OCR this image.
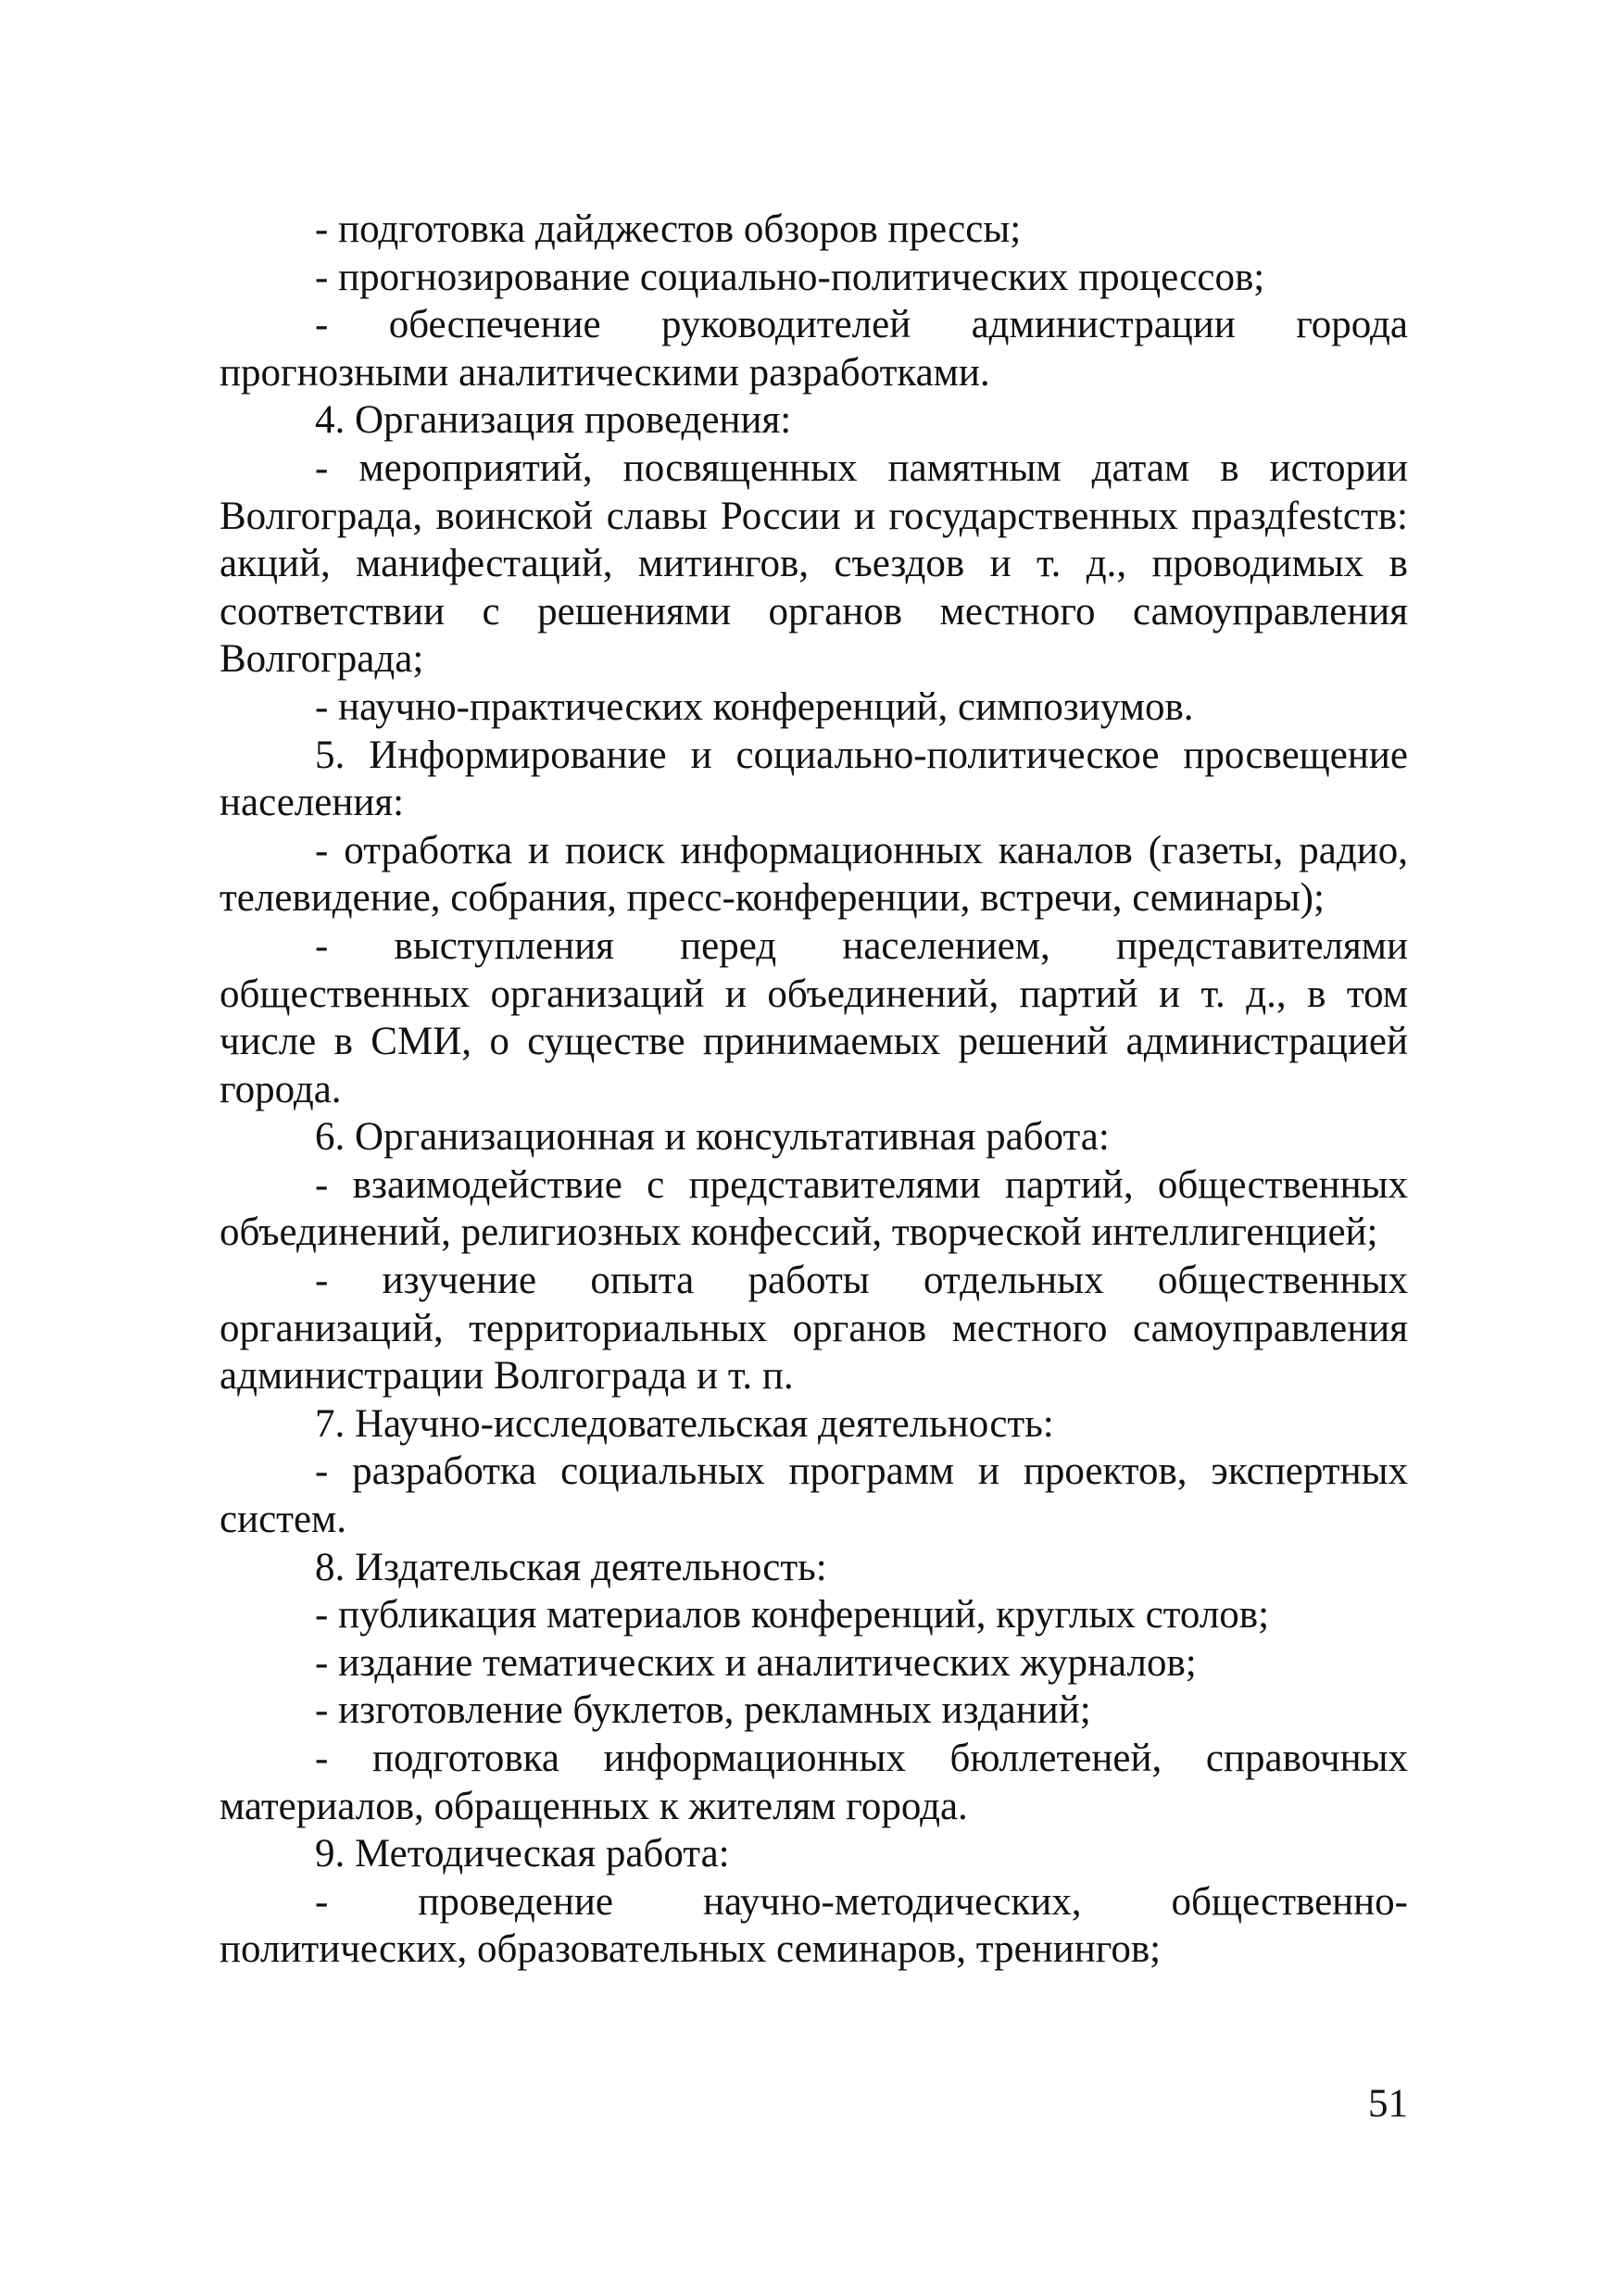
- подготовка дайджестов обзоров прессы;

- прогнозирование социально-политических процессов;

- обеспечение руководителей администрации города прогнозными аналитическими разработками.

4. Организация проведения:

- мероприятий, посвященных памятным датам в истории Волгограда, воинской славы России и государственных праздfestств: акций, манифестаций, митингов, съездов и т. д., проводимых в соответствии с решениями органов местного самоуправления Волгограда;

- научно-практических конференций, симпозиумов.

5. Информирование и социально-политическое просвещение населения:

- отработка и поиск информационных каналов (газеты, радио, телевидение, собрания, пресс-конференции, встречи, семинары);

- выступления перед населением, представителями общественных организаций и объединений, партий и т. д., в том числе в СМИ, о существе принимаемых решений администрацией города.

6. Организационная и консультативная работа:

- взаимодействие с представителями партий, общественных объединений, религиозных конфессий, творческой интеллигенцией;

- изучение опыта работы отдельных общественных организаций, территориальных органов местного самоуправления администрации Волгограда и т. п.

7. Научно-исследовательская деятельность:

- разработка социальных программ и проектов, экспертных систем.

8. Издательская деятельность:

- публикация материалов конференций, круглых столов;

- издание тематических и аналитических журналов;

- изготовление буклетов, рекламных изданий;

- подготовка информационных бюллетеней, справочных материалов, обращенных к жителям города.

9. Методическая работа:

- проведение научно-методических, общественно-политических, образовательных семинаров, тренингов;

51
